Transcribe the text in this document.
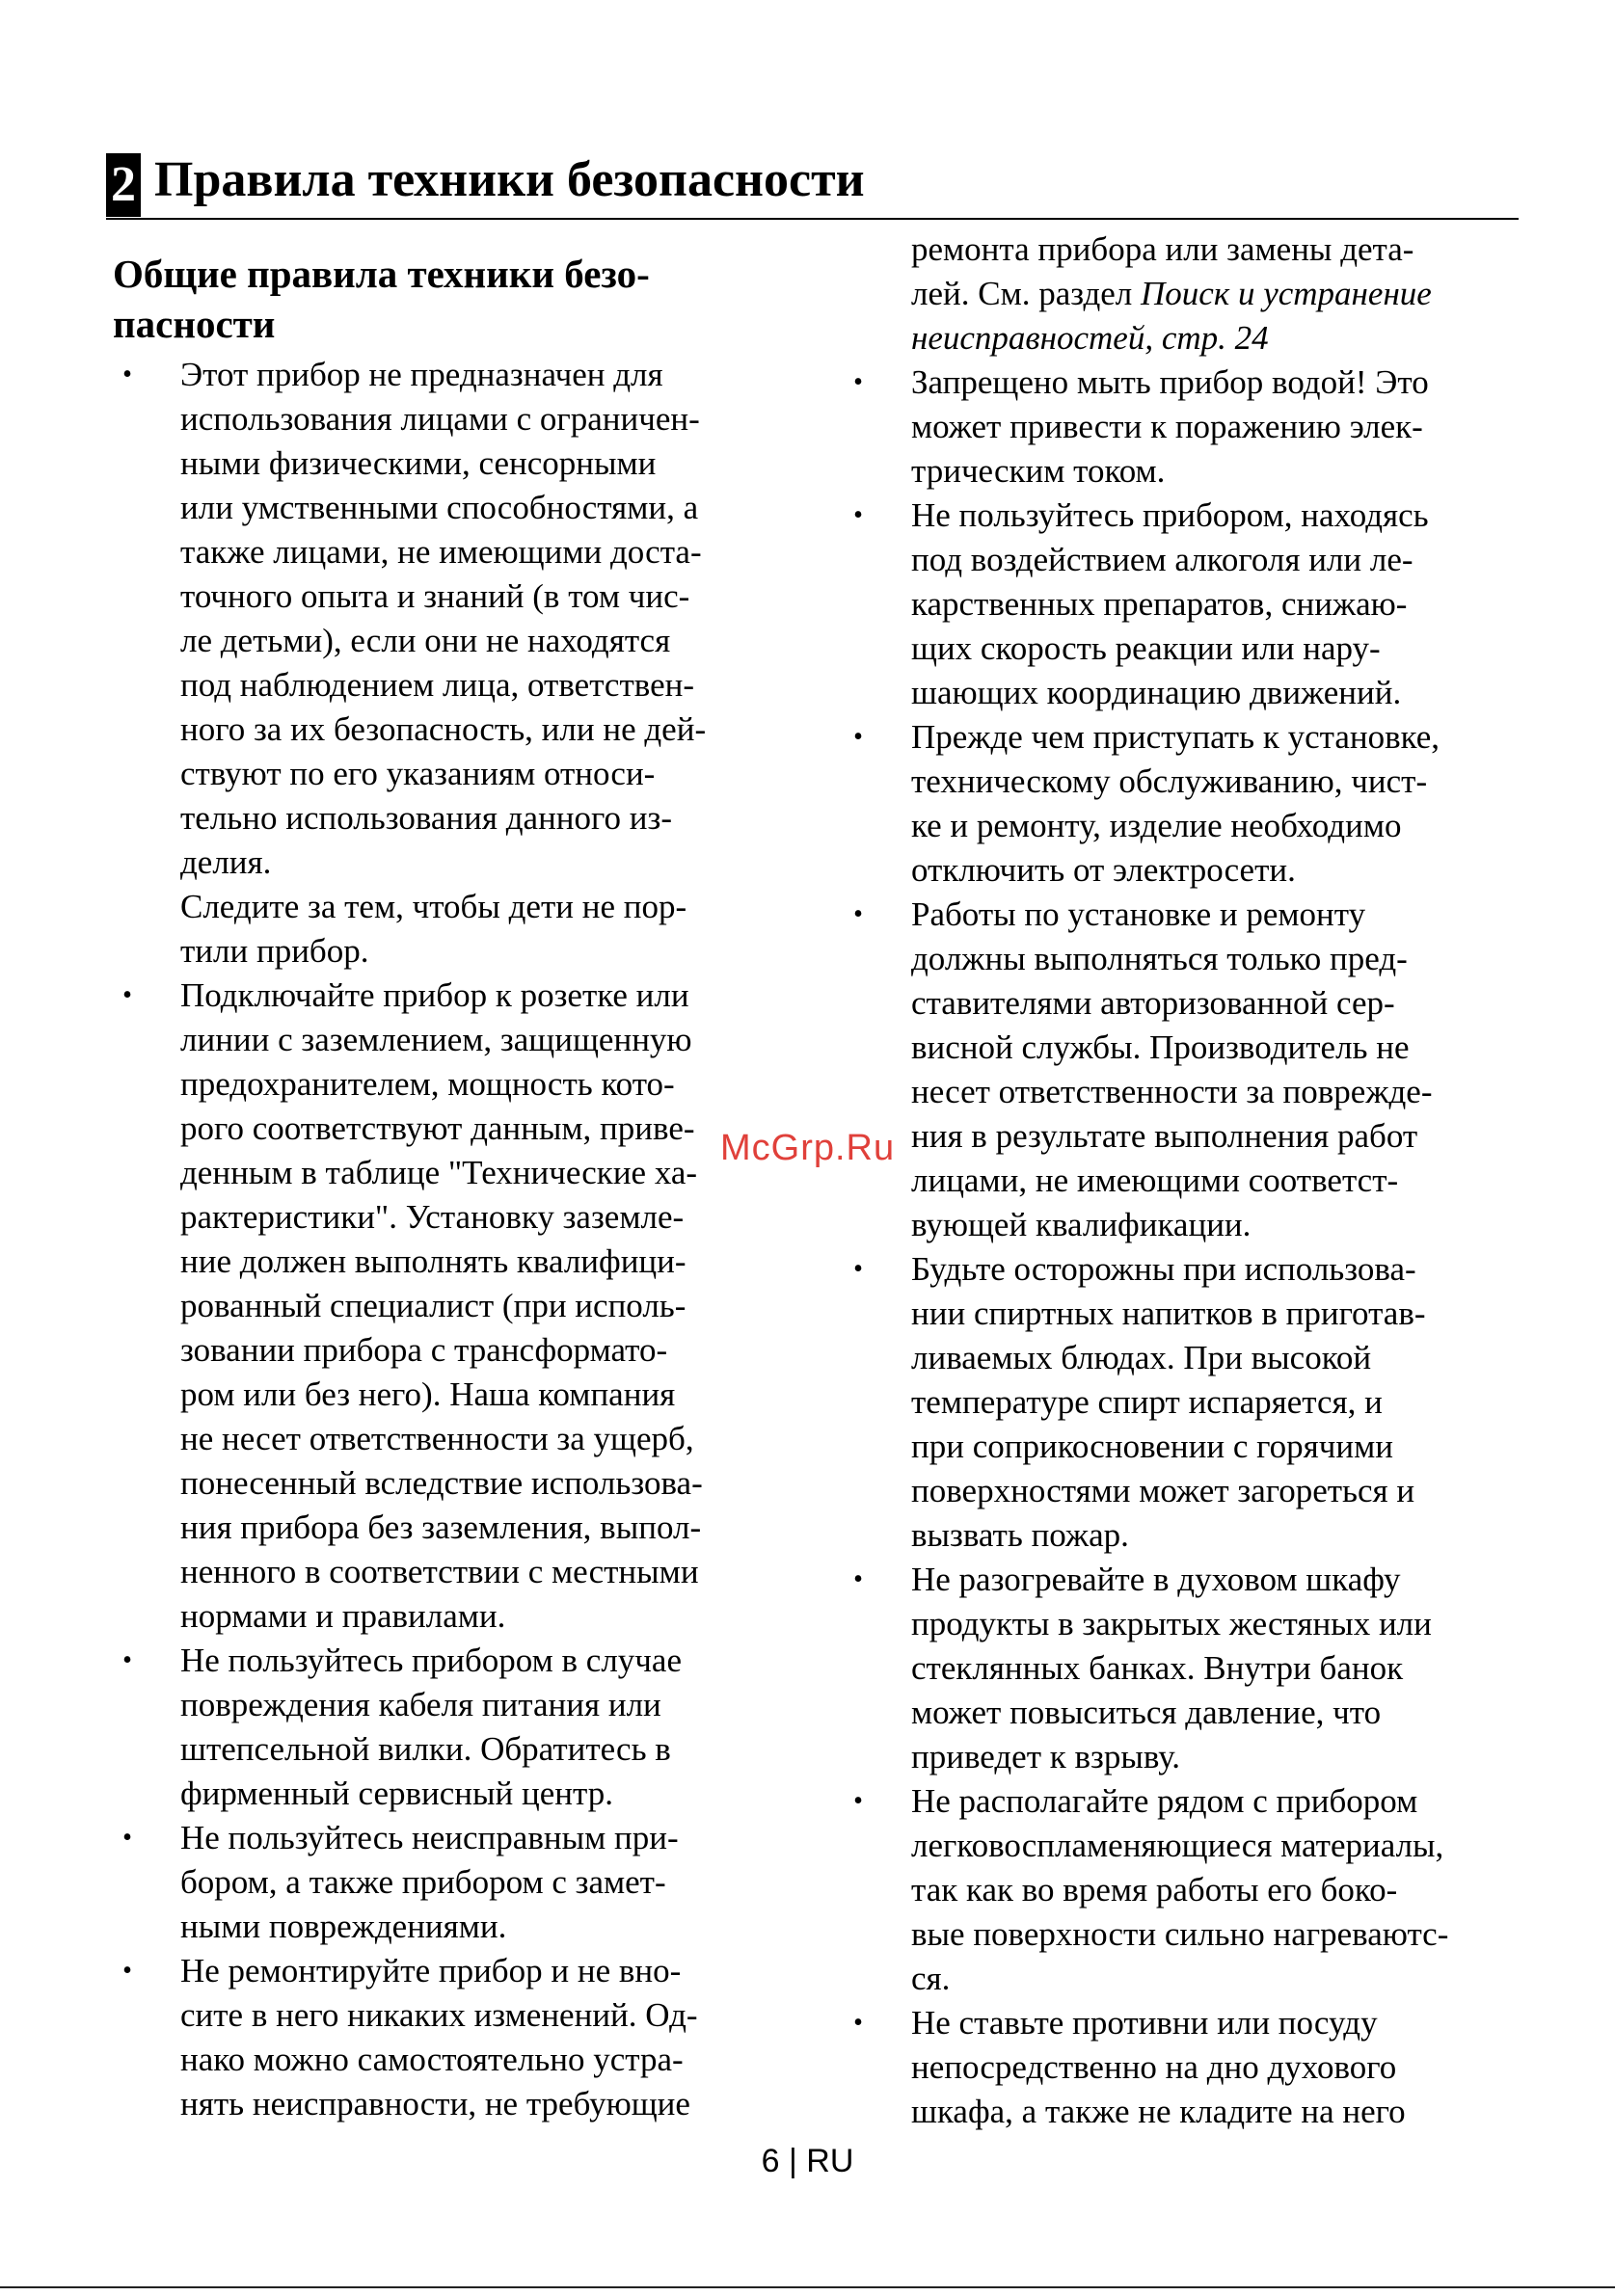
2 Правила техники безопасности
Общие правила техники безо-
пасности
• Этот прибор не предназначен для
использования лицами с ограничен-
ными физическими, сенсорными
или умственными способностями, а
также лицами, не имеющими доста-
точного опыта и знаний (в том чис-
ле детьми), если они не находятся
под наблюдением лица, ответствен-
ного за их безопасность, или не дей-
ствуют по его указаниям относи-
тельно использования данного из-
делия.
Следите за тем, чтобы дети не пор-
тили прибор.
• Подключайте прибор к розетке или
линии с заземлением, защищенную
предохранителем, мощность кото-
рого соответствуют данным, приве-
денным в таблице "Технические ха-
рактеристики". Установку заземле-
ние должен выполнять квалифици-
рованный специалист (при исполь-
зовании прибора с трансформато-
ром или без него). Наша компания
не несет ответственности за ущерб,
понесенный вследствие использова-
ния прибора без заземления, выпол-
ненного в соответствии с местными
нормами и правилами.
• Не пользуйтесь прибором в случае
повреждения кабеля питания или
штепсельной вилки. Обратитесь в
фирменный сервисный центр.
• Не пользуйтесь неисправным при-
бором, а также прибором с замет-
ными повреждениями.
• Не ремонтируйте прибор и не вно-
сите в него никаких изменений. Од-
нако можно самостоятельно устра-
нять неисправности, не требующие
ремонта прибора или замены дета-
лей. См. раздел Поиск и устранение
неисправностей, стр. 24
• Запрещено мыть прибор водой! Это
может привести к поражению элек-
трическим током.
• Не пользуйтесь прибором, находясь
под воздействием алкоголя или ле-
карственных препаратов, снижаю-
щих скорость реакции или нару-
шающих координацию движений.
• Прежде чем приступать к установке,
техническому обслуживанию, чист-
ке и ремонту, изделие необходимо
отключить от электросети.
• Работы по установке и ремонту
должны выполняться только пред-
ставителями авторизованной сер-
висной службы. Производитель не
несет ответственности за поврежде-
ния в результате выполнения работ
лицами, не имеющими соответст-
вующей квалификации.
• Будьте осторожны при использова-
нии спиртных напитков в приготав-
ливаемых блюдах. При высокой
температуре спирт испаряется, и
при соприкосновении с горячими
поверхностями может загореться и
вызвать пожар.
• Не разогревайте в духовом шкафу
продукты в закрытых жестяных или
стеклянных банках. Внутри банок
может повыситься давление, что
приведет к взрыву.
• Не располагайте рядом с прибором
легковоспламеняющиеся материалы,
так как во время работы его боко-
вые поверхности сильно нагреваютс-
ся.
• Не ставьте противни или посуду
непосредственно на дно духового
шкафа, а также не кладите на него
McGrp.Ru
6 | RU
